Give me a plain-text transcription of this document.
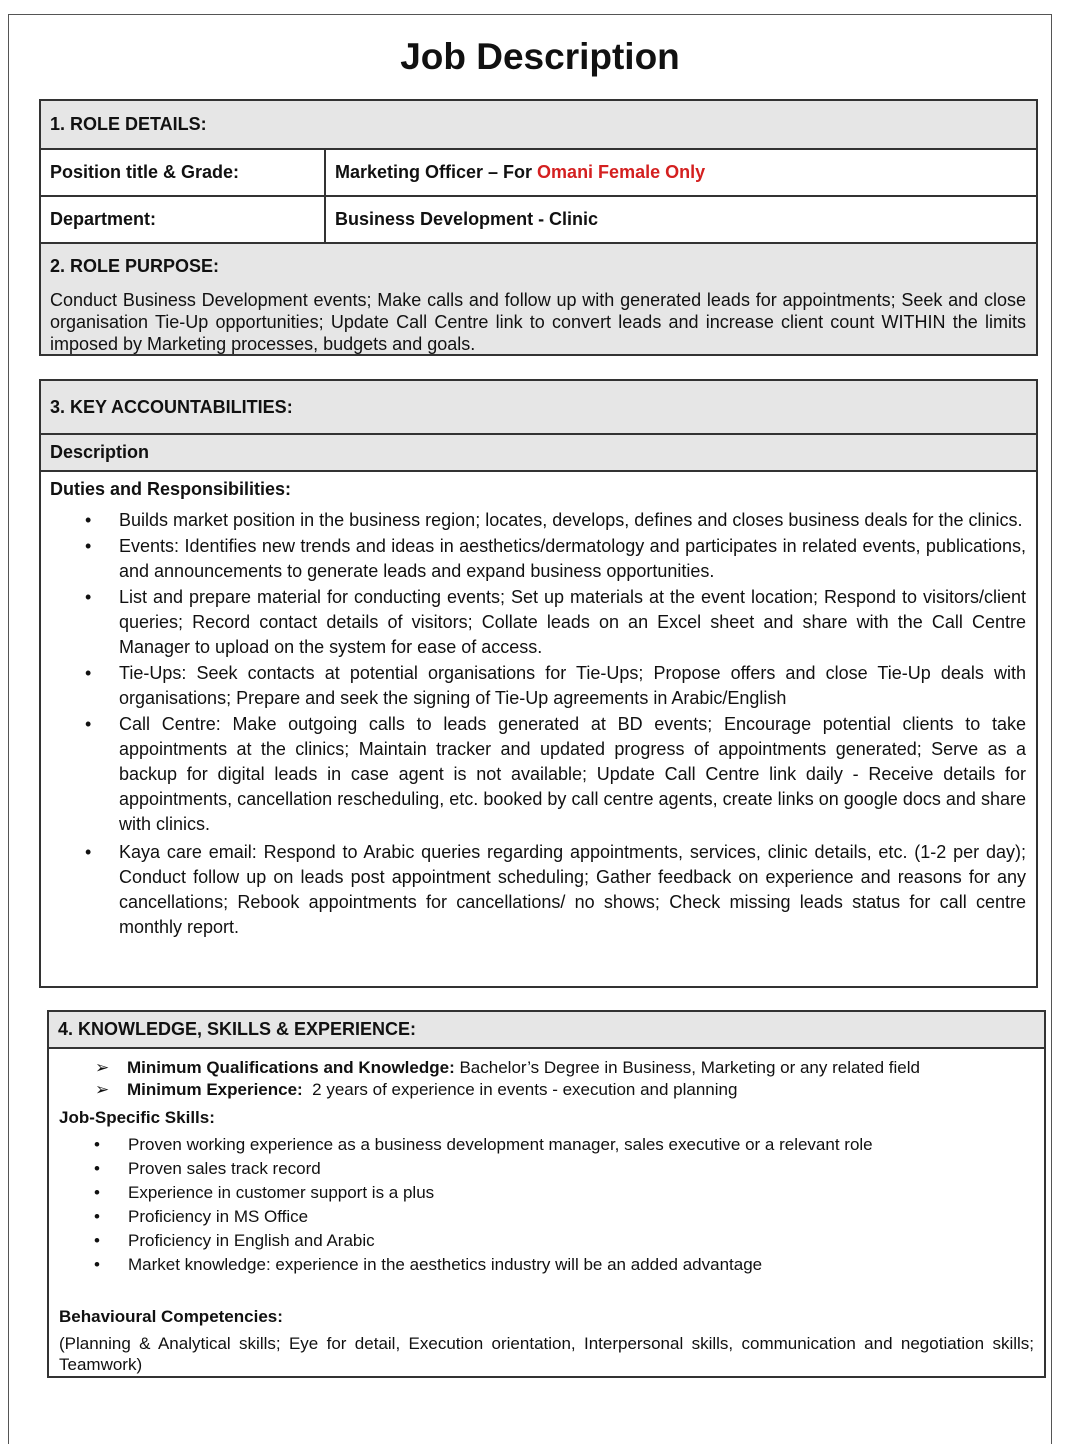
Job Description
1. ROLE DETAILS:
Position title & Grade:	Marketing Officer – For Omani Female Only
Department:	Business Development - Clinic
2. ROLE PURPOSE:
Conduct Business Development events; Make calls and follow up with generated leads for appointments; Seek and close organisation Tie-Up opportunities; Update Call Centre link to convert leads and increase client count WITHIN the limits imposed by Marketing processes, budgets and goals.
3. KEY ACCOUNTABILITIES:
Description
Duties and Responsibilities:
• Builds market position in the business region; locates, develops, defines and closes business deals for the clinics.
• Events: Identifies new trends and ideas in aesthetics/dermatology and participates in related events, publications, and announcements to generate leads and expand business opportunities.
• List and prepare material for conducting events; Set up materials at the event location; Respond to visitors/client queries; Record contact details of visitors; Collate leads on an Excel sheet and share with the Call Centre Manager to upload on the system for ease of access.
• Tie-Ups: Seek contacts at potential organisations for Tie-Ups; Propose offers and close Tie-Up deals with organisations; Prepare and seek the signing of Tie-Up agreements in Arabic/English
• Call Centre: Make outgoing calls to leads generated at BD events; Encourage potential clients to take appointments at the clinics; Maintain tracker and updated progress of appointments generated; Serve as a backup for digital leads in case agent is not available; Update Call Centre link daily - Receive details for appointments, cancellation rescheduling, etc. booked by call centre agents, create links on google docs and share with clinics.
• Kaya care email: Respond to Arabic queries regarding appointments, services, clinic details, etc. (1-2 per day); Conduct follow up on leads post appointment scheduling; Gather feedback on experience and reasons for any cancellations; Rebook appointments for cancellations/ no shows; Check missing leads status for call centre monthly report.
4. KNOWLEDGE, SKILLS & EXPERIENCE:
➢ Minimum Qualifications and Knowledge: Bachelor’s Degree in Business, Marketing or any related field
➢ Minimum Experience:  2 years of experience in events - execution and planning
Job-Specific Skills:
• Proven working experience as a business development manager, sales executive or a relevant role
• Proven sales track record
• Experience in customer support is a plus
• Proficiency in MS Office
• Proficiency in English and Arabic
• Market knowledge: experience in the aesthetics industry will be an added advantage
Behavioural Competencies:
(Planning & Analytical skills; Eye for detail, Execution orientation, Interpersonal skills, communication and negotiation skills; Teamwork)
